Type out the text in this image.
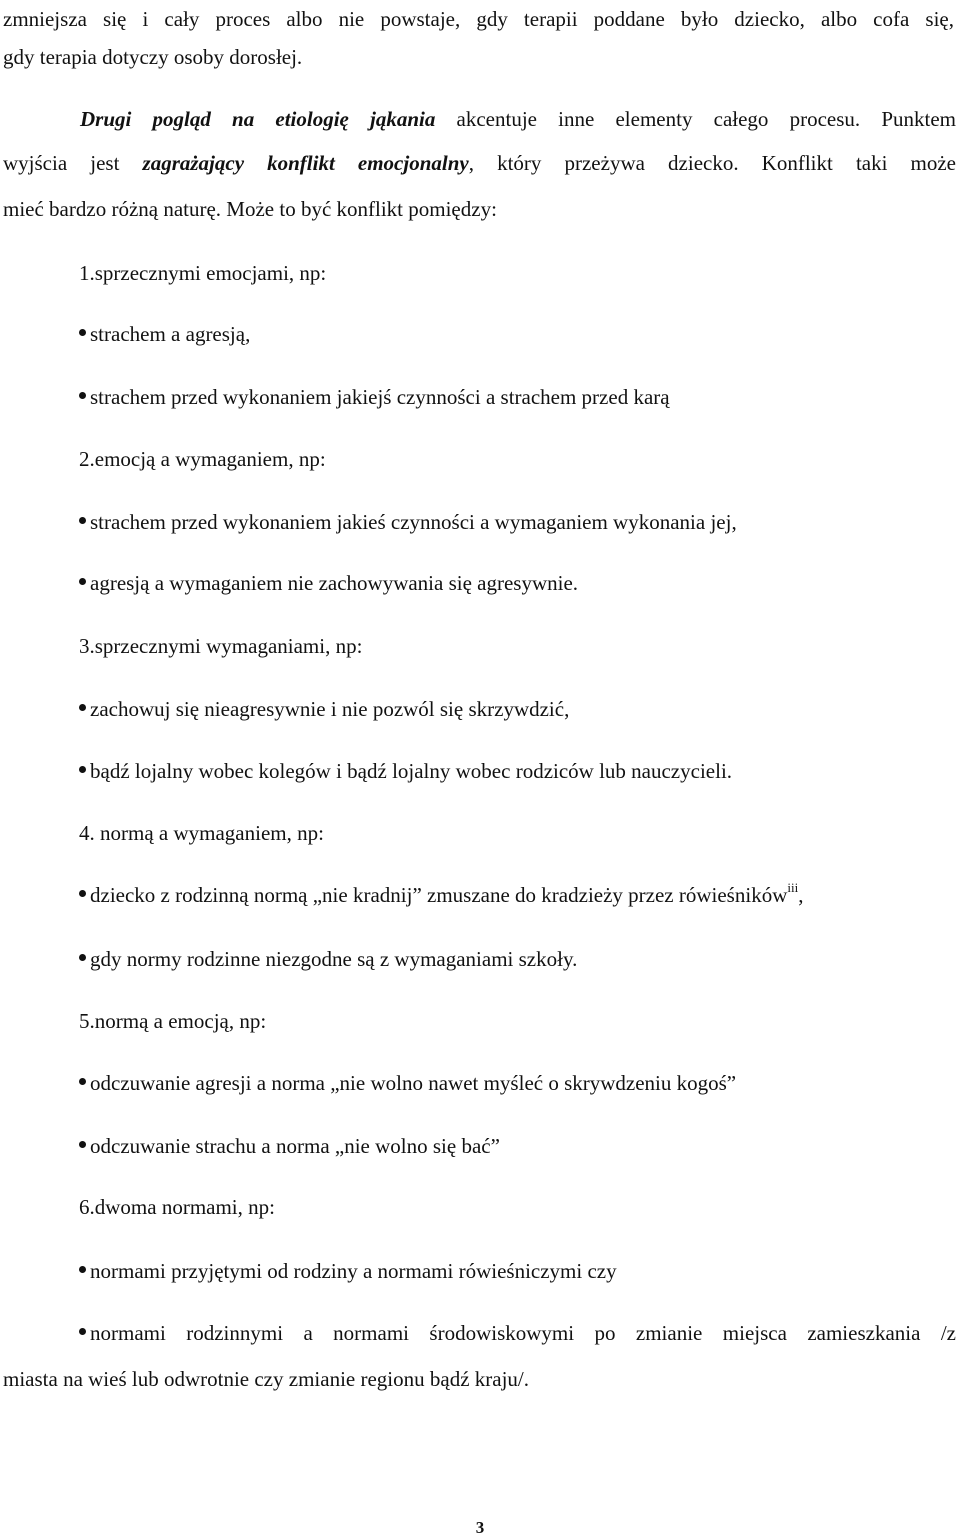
zmniejsza się i cały proces albo nie powstaje, gdy terapii poddane było dziecko, albo cofa się,

gdy terapia dotyczy osoby dorosłej.

Drugi pogląd na etiologię jąkania akcentuje inne elementy całego procesu. Punktem

wyjścia jest zagrażający konflikt emocjonalny, który przeżywa dziecko. Konflikt taki może

mieć bardzo różną naturę. Może to być konflikt pomiędzy:

1.sprzecznymi emocjami, np:

strachem a agresją,

strachem przed wykonaniem jakiejś czynności a strachem przed karą

2.emocją a wymaganiem, np:

strachem przed wykonaniem jakieś czynności a wymaganiem wykonania jej,

agresją a wymaganiem nie zachowywania się agresywnie.

3.sprzecznymi wymaganiami, np:

zachowuj się nieagresywnie i nie pozwól się skrzywdzić,

bądź lojalny wobec kolegów i bądź lojalny wobec rodziców lub nauczycieli.

4. normą a wymaganiem, np:

dziecko z rodzinną normą „nie kradnij” zmuszane do kradzieży przez rówieśników$^{iii}$,

gdy normy rodzinne niezgodne są z wymaganiami szkoły.

5.normą a emocją, np:

odczuwanie agresji a norma „nie wolno nawet myśleć o skrywdzeniu kogoś”

odczuwanie strachu a norma „nie wolno się bać”

6.dwoma normami, np:

normami przyjętymi od rodziny a normami rówieśniczymi czy

normami rodzinnymi a normami środowiskowymi po zmianie miejsca zamieszkania /z

miasta na wieś lub odwrotnie czy zmianie regionu bądź kraju/.

3
